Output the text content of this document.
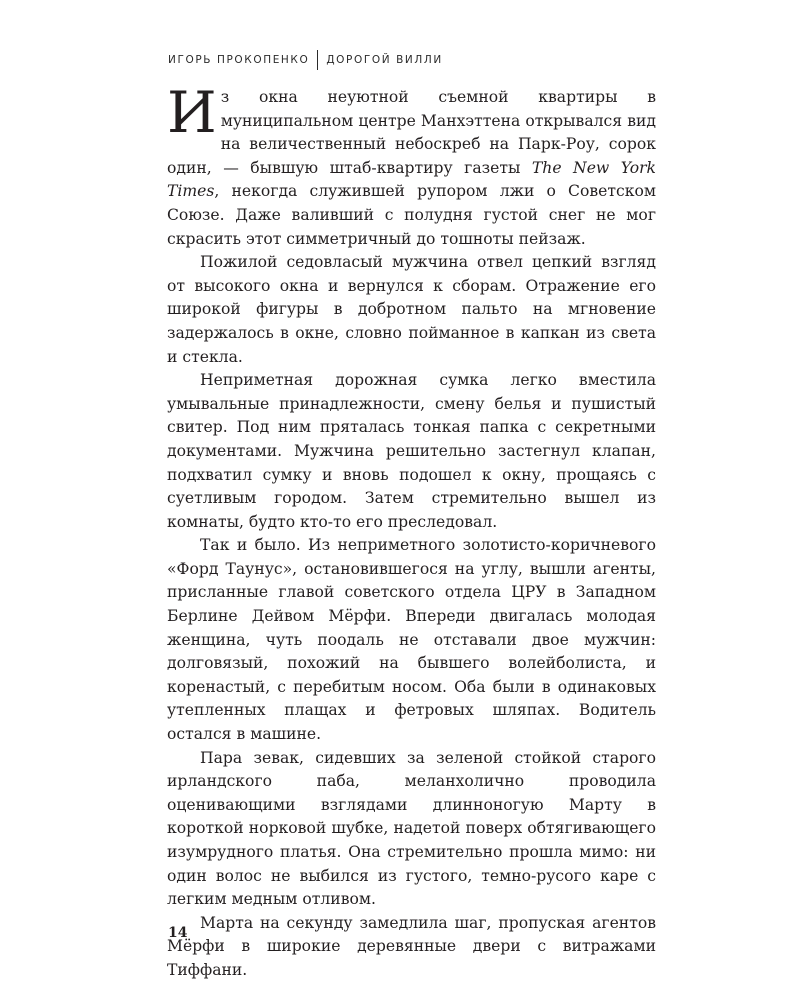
ИГОРЬ ПРОКОПЕНКО ДОРОГОЙ ВИЛЛИ

Из окна неуютной съемной квартиры в муниципальном центре Манхэттена открывался вид на величественный небоскреб на Парк-Роу, сорок один, — бывшую штаб-квартиру газеты The New York Times, некогда служившей рупором лжи о Советском Союзе. Даже валивший с полудня густой снег не мог скрасить этот симметричный до тошноты пейзаж.

Пожилой седовласый мужчина отвел цепкий взгляд от высокого окна и вернулся к сборам. Отражение его широкой фигуры в добротном пальто на мгновение задержалось в окне, словно пойманное в капкан из света и стекла.

Неприметная дорожная сумка легко вместила умывальные принадлежности, смену белья и пушистый свитер. Под ним пряталась тонкая папка с секретными документами. Мужчина решительно застегнул клапан, подхватил сумку и вновь подошел к окну, прощаясь с суетливым городом. Затем стремительно вышел из комнаты, будто кто-то его преследовал.

Так и было. Из неприметного золотисто-коричневого «Форд Таунус», остановившегося на углу, вышли агенты, присланные главой советского отдела ЦРУ в Западном Берлине Дейвом Мёрфи. Впереди двигалась молодая женщина, чуть поодаль не отставали двое мужчин: долговязый, похожий на бывшего волейболиста, и коренастый, с перебитым носом. Оба были в одинаковых утепленных плащах и фетровых шляпах. Водитель остался в машине.

Пара зевак, сидевших за зеленой стойкой старого ирландского паба, меланхолично проводила оценивающими взглядами длинноногую Марту в короткой норковой шубке, надетой поверх обтягивающего изумрудного платья. Она стремительно прошла мимо: ни один волос не выбился из густого, темно-русого каре с легким медным отливом.

Марта на секунду замедлила шаг, пропуская агентов Мёрфи в широкие деревянные двери с витражами Тиффани.

14
